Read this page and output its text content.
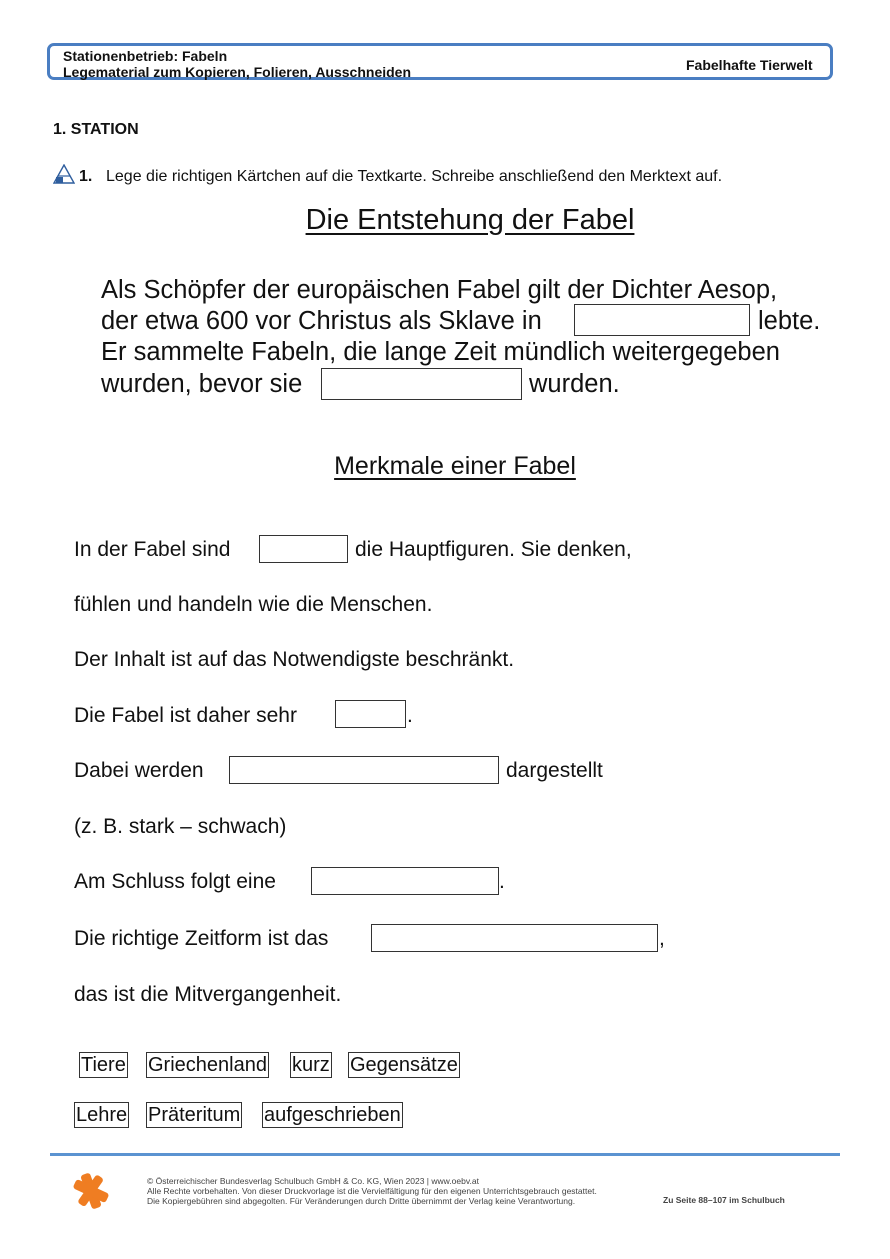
Stationenbetrieb: Fabeln
Legematerial zum Kopieren, Folieren, Ausschneiden	Fabelhafte Tierwelt
1. STATION
1. Lege die richtigen Kärtchen auf die Textkarte. Schreibe anschließend den Merktext auf.
Die Entstehung der Fabel
Als Schöpfer der europäischen Fabel gilt der Dichter Aesop,
der etwa 600 vor Christus als Sklave in	lebte.
Er sammelte Fabeln, die lange Zeit mündlich weitergegeben
wurden, bevor sie	wurden.
Merkmale einer Fabel
In der Fabel sind	die Hauptfiguren. Sie denken,
fühlen und handeln wie die Menschen.
Der Inhalt ist auf das Notwendigste beschränkt.
Die Fabel ist daher sehr	.
Dabei werden	dargestellt
(z. B. stark – schwach)
Am Schluss folgt eine	.
Die richtige Zeitform ist das	,
das ist die Mitvergangenheit.
Tiere Griechenland kurz Gegensätze
Lehre Präteritum aufgeschrieben
© Österreichischer Bundesverlag Schulbuch GmbH & Co. KG, Wien 2023 | www.oebv.at
Alle Rechte vorbehalten. Von dieser Druckvorlage ist die Vervielfältigung für den eigenen Unterrichtsgebrauch gestattet.
Die Kopiergebühren sind abgegolten. Für Veränderungen durch Dritte übernimmt der Verlag keine Verantwortung.	Zu Seite 88–107 im Schulbuch
